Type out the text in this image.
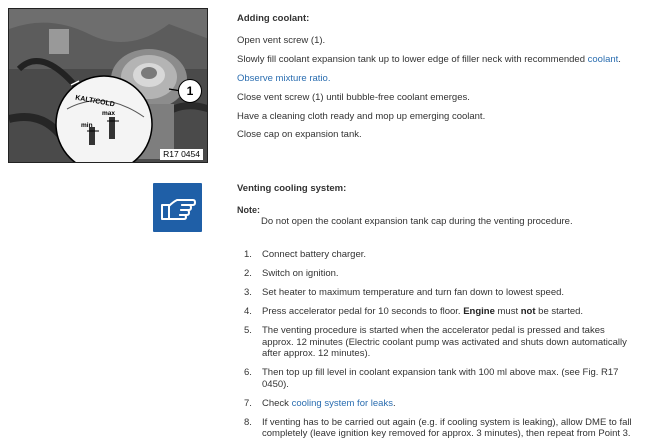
KALT/COLD
min
max
1
R17 0454

Adding coolant:

Open vent screw (1).

Slowly fill coolant expansion tank up to lower edge of filler neck with recommended coolant.

Observe mixture ratio.

Close vent screw (1) until bubble-free coolant emerges.

Have a cleaning cloth ready and mop up emerging coolant.

Close cap on expansion tank.

Venting cooling system:

Note:

Do not open the coolant expansion tank cap during the venting procedure.

1. Connect battery charger.
2. Switch on ignition.
3. Set heater to maximum temperature and turn fan down to lowest speed.
4. Press accelerator pedal for 10 seconds to floor. Engine must not be started.
5. The venting procedure is started when the accelerator pedal is pressed and takes approx. 12 minutes (Electric coolant pump was activated and shuts down automatically after approx. 12 minutes).
6. Then top up fill level in coolant expansion tank with 100 ml above max. (see Fig. R17 0450).
7. Check cooling system for leaks.
8. If venting has to be carried out again (e.g. if cooling system is leaking), allow DME to fall completely (leave ignition key removed for approx. 3 minutes), then repeat from Point 3.
